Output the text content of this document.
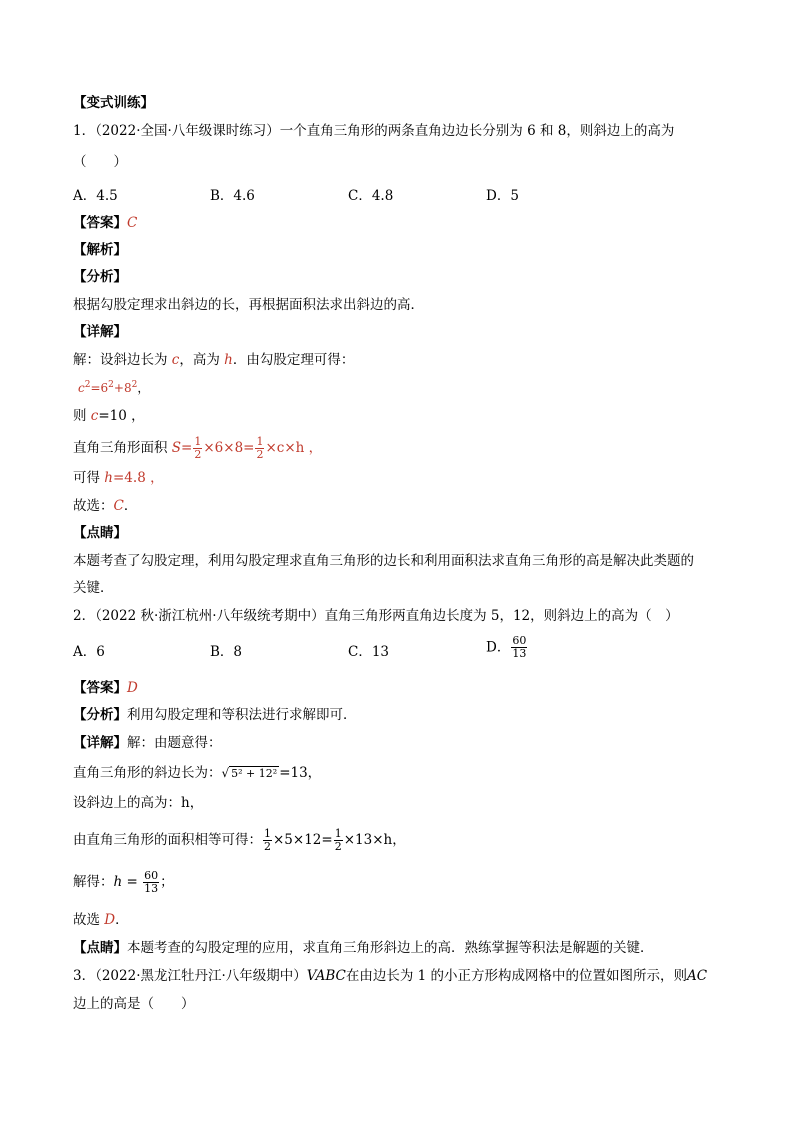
【变式训练】
1．（2022·全国·八年级课时练习）一个直角三角形的两条直角边边长分别为 6 和 8，则斜边上的高为
（　　）
A．4.5	B．4.6	C．4.8	D．5
【答案】C
【解析】
【分析】
根据勾股定理求出斜边的长，再根据面积法求出斜边的高．
【详解】
解：设斜边长为 c，高为 h．由勾股定理可得：
$c^2=6^2+8^2$，
则 c=10 ，
直角三角形面积 $S= \frac{1}{2} \times 6\times 8= \frac{1}{2} \times c\times h$ ，
可得 h=4.8 ，
故选：C．
【点睛】
本题考查了勾股定理，利用勾股定理求直角三角形的边长和利用面积法求直角三角形的高是解决此类题的
关键．
2．（2022 秋·浙江杭州·八年级统考期中）直角三角形两直角边长度为 5，12，则斜边上的高为（　）
A．6	B．8	C．13	D． $\frac{60}{13}$
【答案】D
【分析】利用勾股定理和等积法进行求解即可．
【详解】解：由题意得：
直角三角形的斜边长为：√ 5² + 12² =13，
设斜边上的高为：h，
由直角三角形的面积相等可得： $\frac{1}{2} \times 5\times 12= \frac{1}{2} \times 13\times h$，
解得：$h = \frac{60}{13}$ ；
故选 D．
【点睛】本题考查的勾股定理的应用，求直角三角形斜边上的高．熟练掌握等积法是解题的关键．
3．（2022·黑龙江牡丹江·八年级期中）VABC在由边长为 1 的小正方形构成网格中的位置如图所示，则AC
边上的高是（　　）
